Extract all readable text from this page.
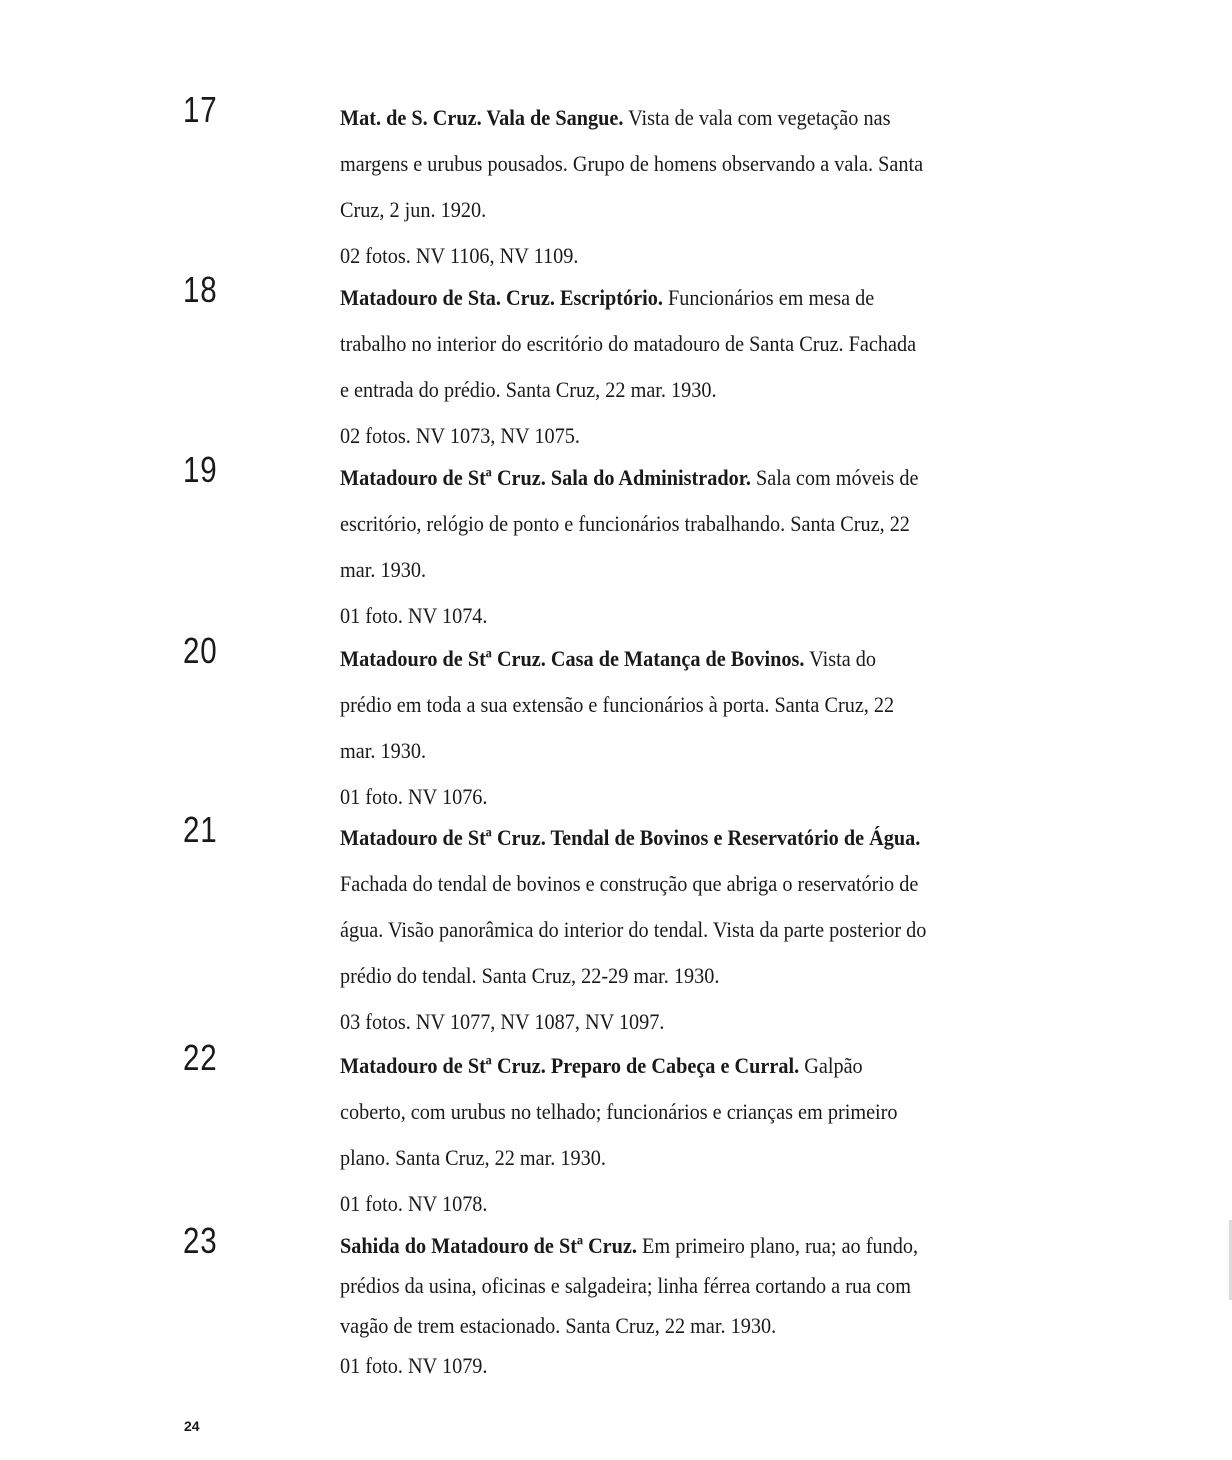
17	Mat. de S. Cruz. Vala de Sangue. Vista de vala com vegetação nas margens e urubus pousados. Grupo de homens observando a vala. Santa Cruz, 2 jun. 1920.
02 fotos. NV 1106, NV 1109.
18	Matadouro de Sta. Cruz. Escriptório. Funcionários em mesa de trabalho no interior do escritório do matadouro de Santa Cruz. Fachada e entrada do prédio. Santa Cruz, 22 mar. 1930.
02 fotos. NV 1073, NV 1075.
19	Matadouro de Stª Cruz. Sala do Administrador. Sala com móveis de escritório, relógio de ponto e funcionários trabalhando. Santa Cruz, 22 mar. 1930.
01 foto. NV 1074.
20	Matadouro de Stª Cruz. Casa de Matança de Bovinos. Vista do prédio em toda a sua extensão e funcionários à porta. Santa Cruz, 22 mar. 1930.
01 foto. NV 1076.
21	Matadouro de Stª Cruz. Tendal de Bovinos e Reservatório de Água. Fachada do tendal de bovinos e construção que abriga o reservatório de água. Visão panorâmica do interior do tendal. Vista da parte posterior do prédio do tendal. Santa Cruz, 22-29 mar. 1930.
03 fotos. NV 1077, NV 1087, NV 1097.
22	Matadouro de Stª Cruz. Preparo de Cabeça e Curral. Galpão coberto, com urubus no telhado; funcionários e crianças em primeiro plano. Santa Cruz, 22 mar. 1930.
01 foto. NV 1078.
23	Sahida do Matadouro de Stª Cruz. Em primeiro plano, rua; ao fundo, prédios da usina, oficinas e salgadeira; linha férrea cortando a rua com vagão de trem estacionado. Santa Cruz, 22 mar. 1930.
01 foto. NV 1079.
24
